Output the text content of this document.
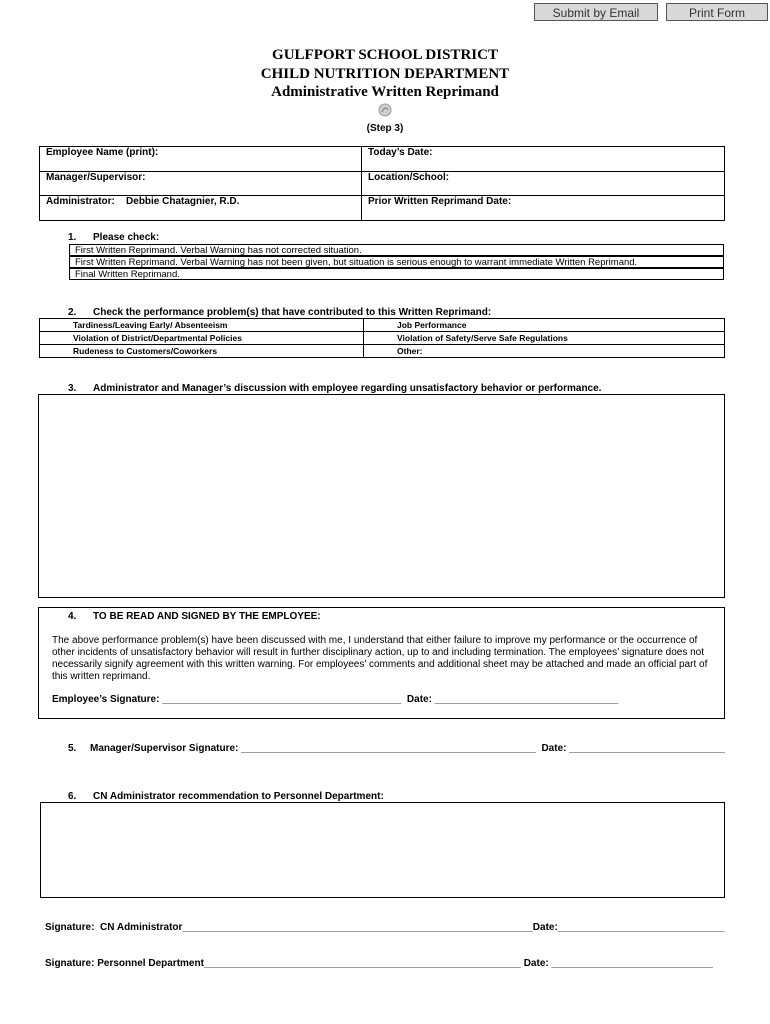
Submit by Email	Print Form
GULFPORT SCHOOL DISTRICT
CHILD NUTRITION DEPARTMENT
Administrative Written Reprimand
(Step 3)
Employee Name (print):	Today’s Date:
Manager/Supervisor:	Location/School:
Administrator: Debbie Chatagnier, R.D.	Prior Written Reprimand Date:
1. Please check:
First Written Reprimand. Verbal Warning has not corrected situation.
First Written Reprimand. Verbal Warning has not been given, but situation is serious enough to warrant immediate Written Reprimand.
Final Written Reprimand.
2. Check the performance problem(s) that have contributed to this Written Reprimand:
Tardiness/Leaving Early/ Absenteeism	Job Performance
Violation of District/Departmental Policies	Violation of Safety/Serve Safe Regulations
Rudeness to Customers/Coworkers	Other:
3. Administrator and Manager’s discussion with employee regarding unsatisfactory behavior or performance.
4. TO BE READ AND SIGNED BY THE EMPLOYEE:
The above performance problem(s) have been discussed with me, I understand that either failure to improve my performance or the occurrence of other incidents of unsatisfactory behavior will result in further disciplinary action, up to and including termination. The employees’ signature does not necessarily signify agreement with this written warning. For employees’ comments and additional sheet may be attached and made an official part of this written reprimand.
Employee’s Signature: ___________________________________________  Date: _________________________________
5. Manager/Supervisor Signature: _____________________________________________________  Date: ____________________________
6. CN Administrator recommendation to Personnel Department:
Signature:  CN Administrator_______________________________________________________________Date:______________________________
Signature: Personnel Department_________________________________________________________ Date: _____________________________
